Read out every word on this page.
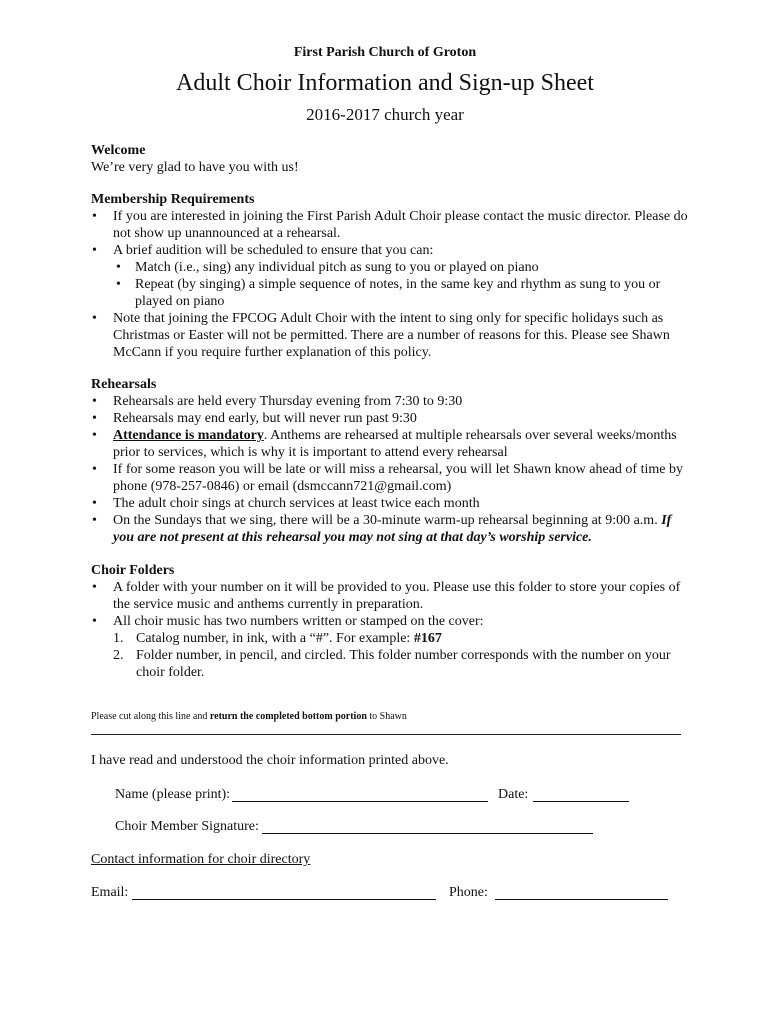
First Parish Church of Groton
Adult Choir Information and Sign-up Sheet
2016-2017 church year
Welcome
We’re very glad to have you with us!
Membership Requirements
• If you are interested in joining the First Parish Adult Choir please contact the music director. Please do not show up unannounced at a rehearsal.
• A brief audition will be scheduled to ensure that you can:
• Match (i.e., sing) any individual pitch as sung to you or played on piano
• Repeat (by singing) a simple sequence of notes, in the same key and rhythm as sung to you or played on piano
• Note that joining the FPCOG Adult Choir with the intent to sing only for specific holidays such as Christmas or Easter will not be permitted. There are a number of reasons for this. Please see Shawn McCann if you require further explanation of this policy.
Rehearsals
• Rehearsals are held every Thursday evening from 7:30 to 9:30
• Rehearsals may end early, but will never run past 9:30
• Attendance is mandatory. Anthems are rehearsed at multiple rehearsals over several weeks/months prior to services, which is why it is important to attend every rehearsal
• If for some reason you will be late or will miss a rehearsal, you will let Shawn know ahead of time by phone (978-257-0846) or email (dsmccann721@gmail.com)
• The adult choir sings at church services at least twice each month
• On the Sundays that we sing, there will be a 30-minute warm-up rehearsal beginning at 9:00 a.m. If you are not present at this rehearsal you may not sing at that day’s worship service.
Choir Folders
• A folder with your number on it will be provided to you. Please use this folder to store your copies of the service music and anthems currently in preparation.
• All choir music has two numbers written or stamped on the cover:
1. Catalog number, in ink, with a “#”. For example: #167
2. Folder number, in pencil, and circled. This folder number corresponds with the number on your choir folder.
Please cut along this line and return the completed bottom portion to Shawn
I have read and understood the choir information printed above.
Name (please print):	Date:
Choir Member Signature:
Contact information for choir directory
Email:	Phone:
